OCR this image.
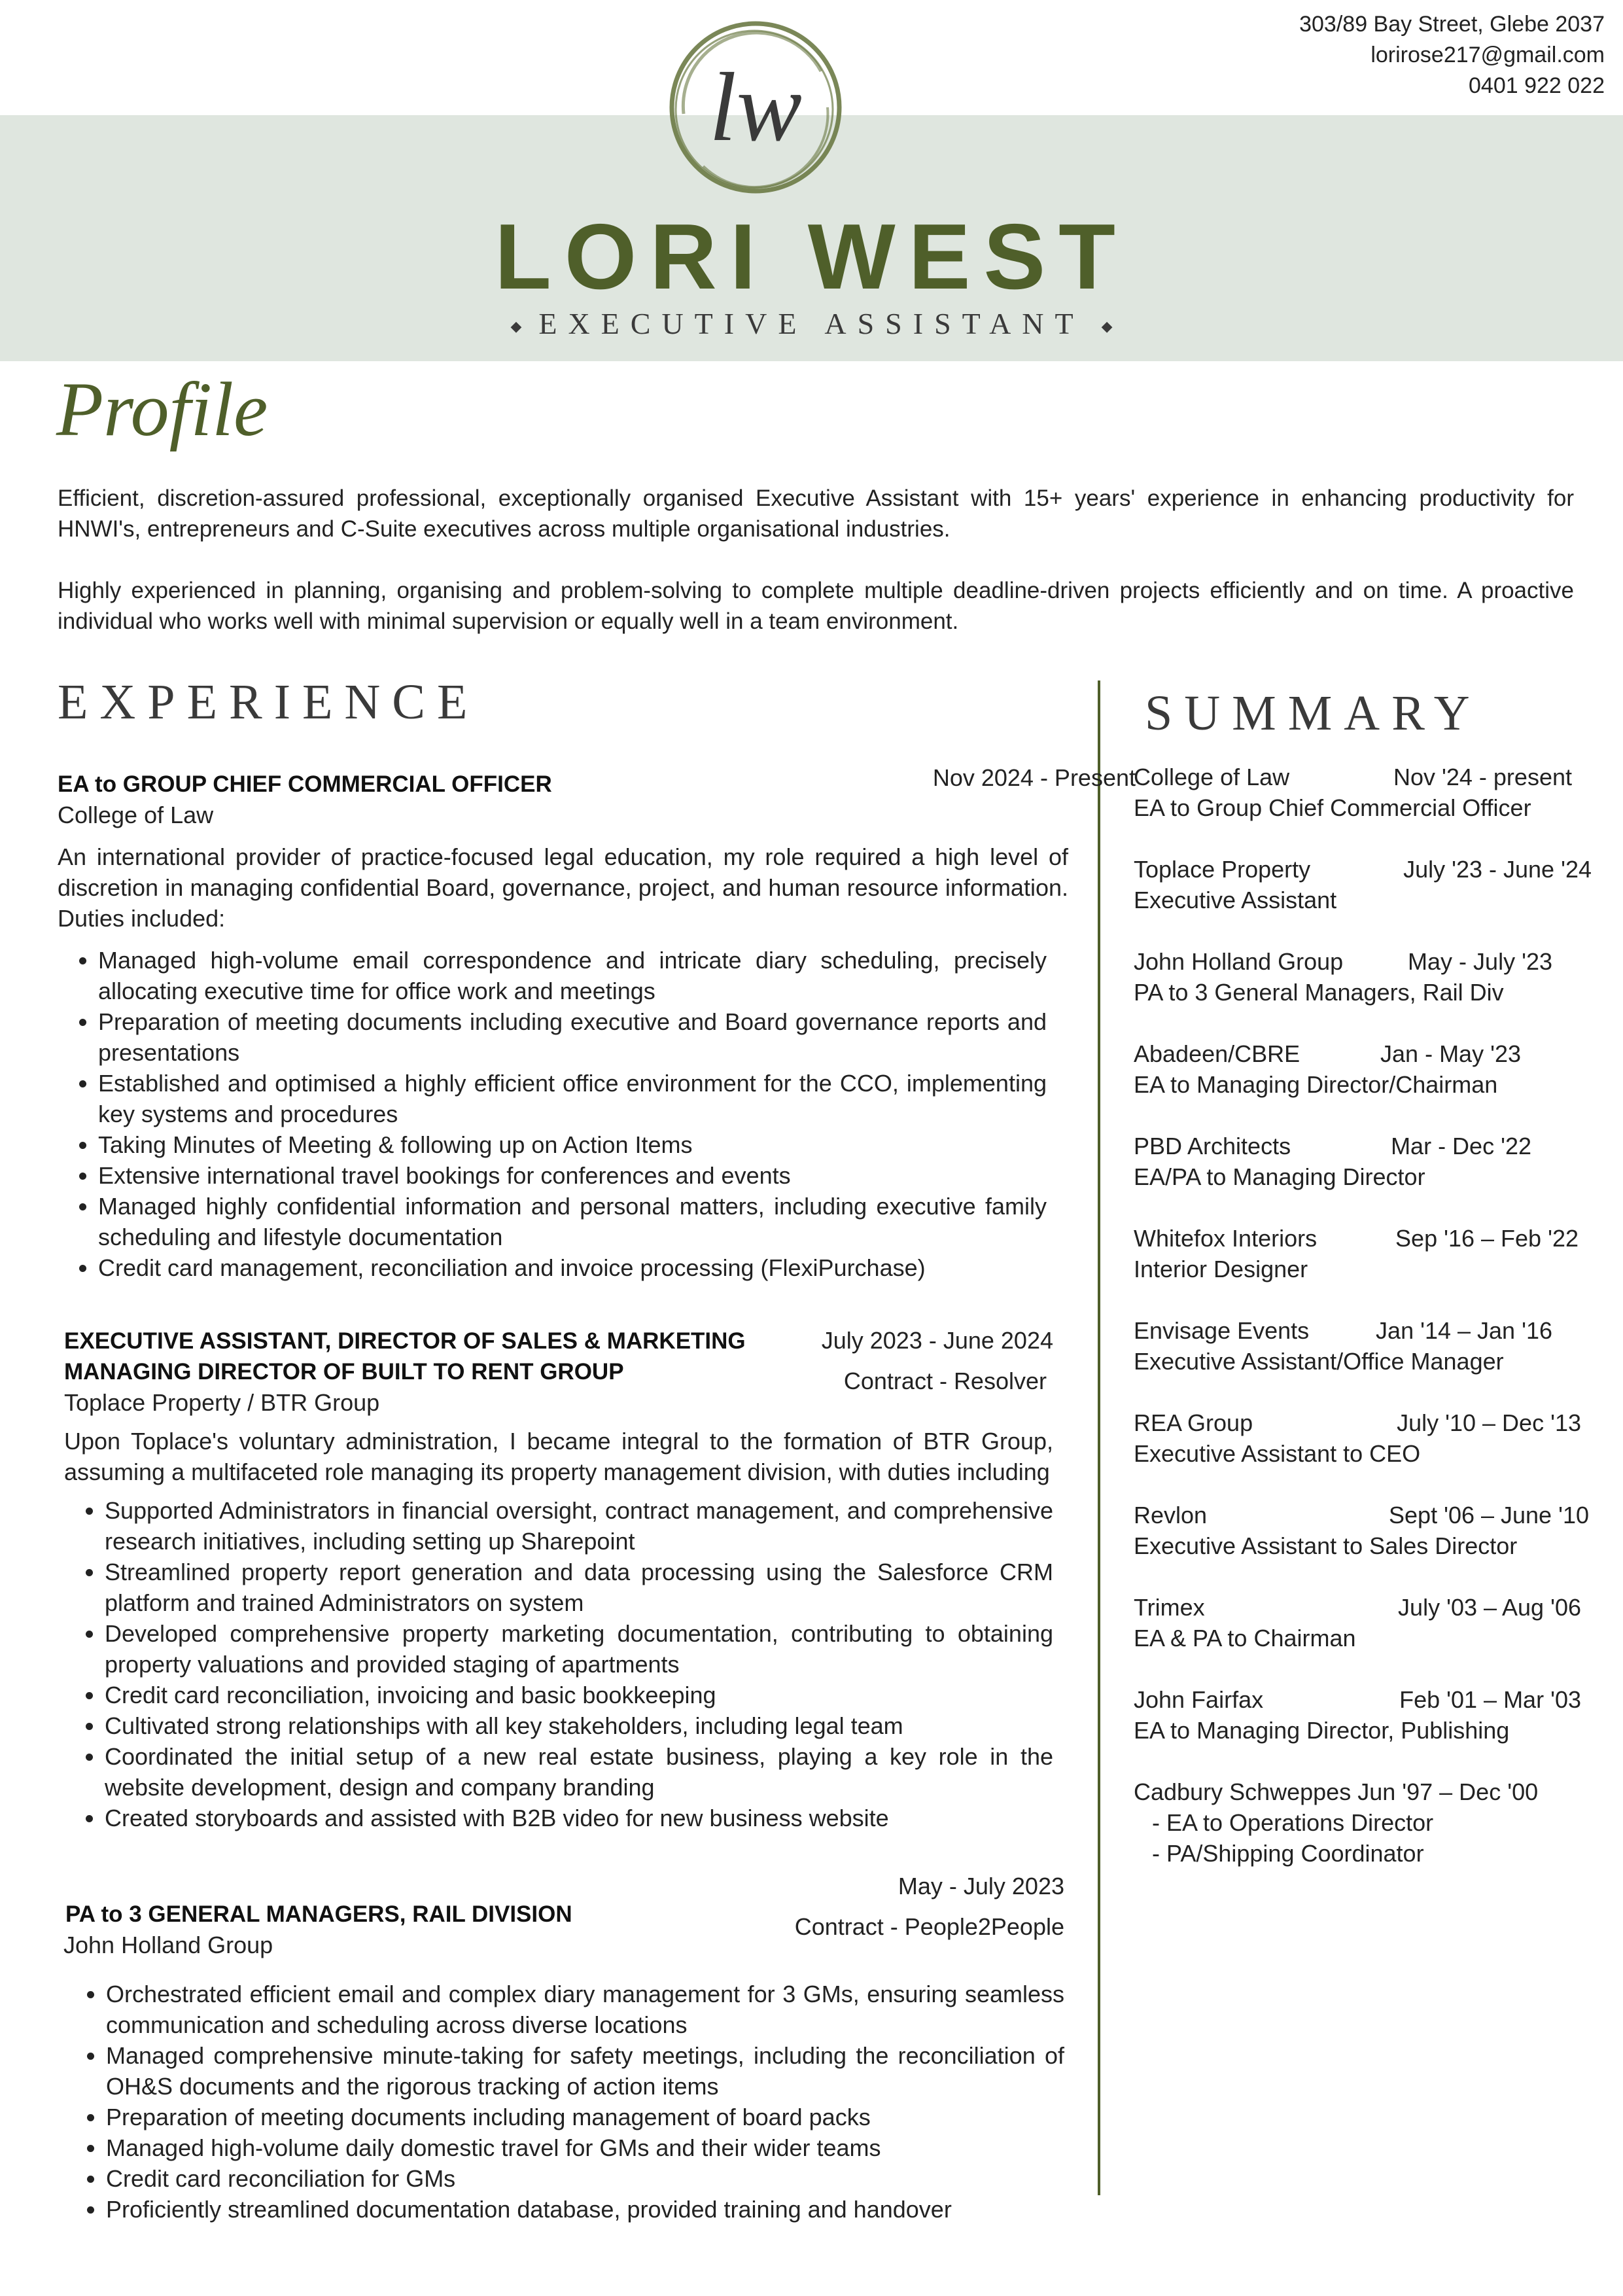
303/89 Bay Street, Glebe 2037
lorirose217@gmail.com
0401 922 022
lw
LORI WEST
◆ EXECUTIVE ASSISTANT ◆
Profile
Efficient, discretion-assured professional, exceptionally organised Executive Assistant with 15+ years' experience in enhancing productivity for HNWI's, entrepreneurs and C-Suite executives across multiple organisational industries.
Highly experienced in planning, organising and problem-solving to complete multiple deadline-driven projects efficiently and on time. A proactive individual who works well with minimal supervision or equally well in a team environment.
EXPERIENCE	SUMMARY
Nov 2024 - Present
EA to GROUP CHIEF COMMERCIAL OFFICER
College of Law
An international provider of practice-focused legal education, my role required a high level of discretion in managing confidential Board, governance, project, and human resource information. Duties included:
• Managed high-volume email correspondence and intricate diary scheduling, precisely allocating executive time for office work and meetings
• Preparation of meeting documents including executive and Board governance reports and presentations
• Established and optimised a highly efficient office environment for the CCO, implementing key systems and procedures
• Taking Minutes of Meeting & following up on Action Items
• Extensive international travel bookings for conferences and events
• Managed highly confidential information and personal matters, including executive family scheduling and lifestyle documentation
• Credit card management, reconciliation and invoice processing (FlexiPurchase)
July 2023 - June 2024
Contract - Resolver
EXECUTIVE ASSISTANT, DIRECTOR OF SALES & MARKETING
MANAGING DIRECTOR OF BUILT TO RENT GROUP
Toplace Property / BTR Group
Upon Toplace's voluntary administration, I became integral to the formation of BTR Group, assuming a multifaceted role managing its property management division, with duties including
• Supported Administrators in financial oversight, contract management, and comprehensive research initiatives, including setting up Sharepoint
• Streamlined property report generation and data processing using the Salesforce CRM platform and trained Administrators on system
• Developed comprehensive property marketing documentation, contributing to obtaining property valuations and provided staging of apartments
• Credit card reconciliation, invoicing and basic bookkeeping
• Cultivated strong relationships with all key stakeholders, including legal team
• Coordinated the initial setup of a new real estate business, playing a key role in the website development, design and company branding
• Created storyboards and assisted with B2B video for new business website
May - July 2023
Contract - People2People
PA to 3 GENERAL MANAGERS, RAIL DIVISION
John Holland Group
• Orchestrated efficient email and complex diary management for 3 GMs, ensuring seamless communication and scheduling across diverse locations
• Managed comprehensive minute-taking for safety meetings, including the reconciliation of OH&S documents and the rigorous tracking of action items
• Preparation of meeting documents including management of board packs
• Managed high-volume daily domestic travel for GMs and their wider teams
• Credit card reconciliation for GMs
• Proficiently streamlined documentation database, provided training and handover
College of Law	Nov '24 - present
EA to Group Chief Commercial Officer
Toplace Property	July '23 - June '24
Executive Assistant
John Holland Group	May - July '23
PA to 3 General Managers, Rail Div
Abadeen/CBRE	Jan - May '23
EA to Managing Director/Chairman
PBD Architects	Mar - Dec '22
EA/PA to Managing Director
Whitefox Interiors	Sep '16 – Feb '22
Interior Designer
Envisage Events	Jan '14 – Jan '16
Executive Assistant/Office Manager
REA Group	July '10 – Dec '13
Executive Assistant to CEO
Revlon	Sept '06 – June '10
Executive Assistant to Sales Director
Trimex	July '03 – Aug '06
EA & PA to Chairman
John Fairfax	Feb '01 – Mar '03
EA to Managing Director, Publishing
Cadbury Schweppes Jun '97 – Dec '00
- EA to Operations Director
- PA/Shipping Coordinator
